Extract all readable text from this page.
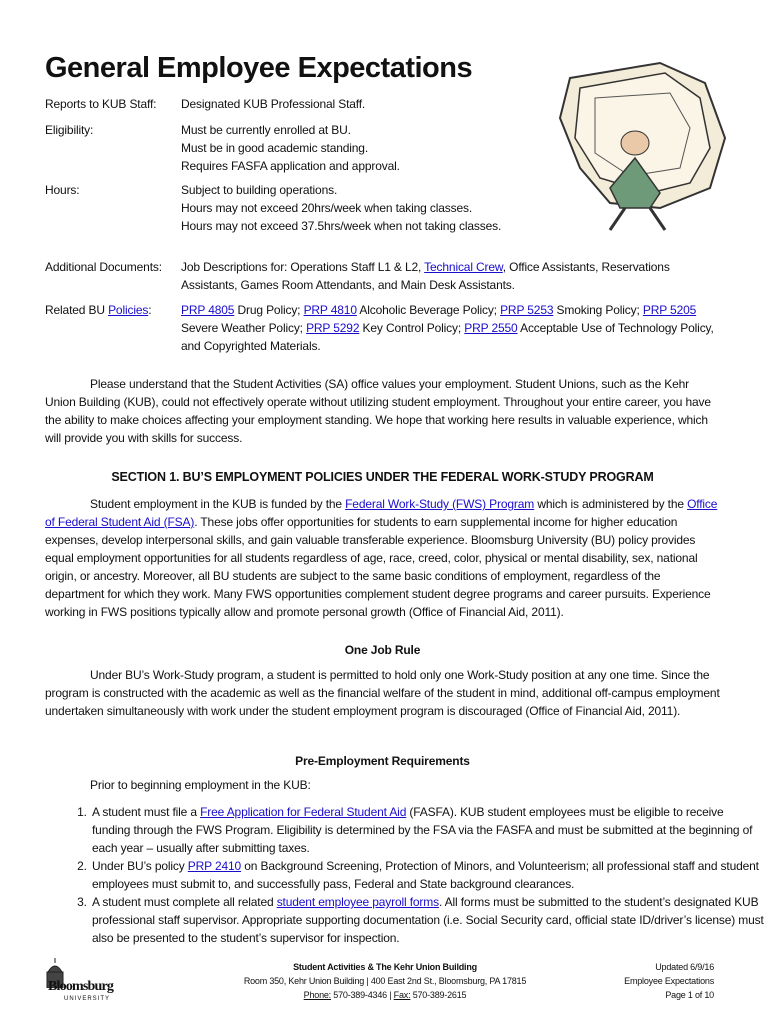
General Employee Expectations
Reports to KUB Staff:	Designated KUB Professional Staff.
Eligibility:	Must be currently enrolled at BU.
Must be in good academic standing.
Requires FASFA application and approval.
Hours:	Subject to building operations.
Hours may not exceed 20hrs/week when taking classes.
Hours may not exceed 37.5hrs/week when not taking classes.
Additional Documents:	Job Descriptions for: Operations Staff L1 & L2, Technical Crew, Office Assistants, Reservations Assistants, Games Room Attendants, and Main Desk Assistants.
Related BU Policies:	PRP 4805 Drug Policy; PRP 4810 Alcoholic Beverage Policy; PRP 5253 Smoking Policy; PRP 5205 Severe Weather Policy; PRP 5292 Key Control Policy; PRP 2550 Acceptable Use of Technology Policy, and Copyrighted Materials.
Please understand that the Student Activities (SA) office values your employment. Student Unions, such as the Kehr Union Building (KUB), could not effectively operate without utilizing student employment. Throughout your entire career, you have the ability to make choices affecting your employment standing. We hope that working here results in valuable experience, which will provide you with skills for success.
SECTION 1. BU’S EMPLOYMENT POLICIES UNDER THE FEDERAL WORK-STUDY PROGRAM
Student employment in the KUB is funded by the Federal Work-Study (FWS) Program which is administered by the Office of Federal Student Aid (FSA). These jobs offer opportunities for students to earn supplemental income for higher education expenses, develop interpersonal skills, and gain valuable transferable experience. Bloomsburg University (BU) policy provides equal employment opportunities for all students regardless of age, race, creed, color, physical or mental disability, sex, national origin, or ancestry. Moreover, all BU students are subject to the same basic conditions of employment, regardless of the department for which they work. Many FWS opportunities complement student degree programs and career pursuits. Experience working in FWS positions typically allow and promote personal growth (Office of Financial Aid, 2011).
One Job Rule
Under BU’s Work-Study program, a student is permitted to hold only one Work-Study position at any one time. Since the program is constructed with the academic as well as the financial welfare of the student in mind, additional off-campus employment undertaken simultaneously with work under the student employment program is discouraged (Office of Financial Aid, 2011).
Pre-Employment Requirements
Prior to beginning employment in the KUB:
1. A student must file a Free Application for Federal Student Aid (FASFA). KUB student employees must be eligible to receive funding through the FWS Program. Eligibility is determined by the FSA via the FASFA and must be submitted at the beginning of each year – usually after submitting taxes.
2. Under BU’s policy PRP 2410 on Background Screening, Protection of Minors, and Volunteerism; all professional staff and student employees must submit to, and successfully pass, Federal and State background clearances.
3. A student must complete all related student employee payroll forms. All forms must be submitted to the student’s designated KUB professional staff supervisor. Appropriate supporting documentation (i.e. Social Security card, official state ID/driver’s license) must also be presented to the student’s supervisor for inspection.
Bloomsburg
UNIVERSITY
Student Activities & The Kehr Union Building
Room 350, Kehr Union Building | 400 East 2nd St., Bloomsburg, PA 17815
Phone: 570-389-4346 | Fax: 570-389-2615
Updated 6/9/16
Employee Expectations
Page 1 of 10
